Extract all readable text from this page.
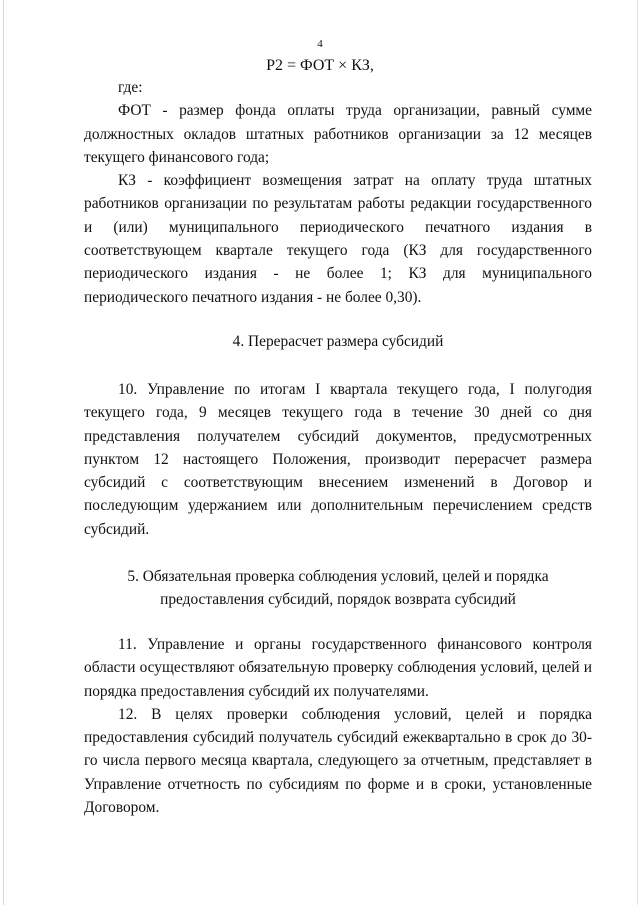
4
Р2 = ФОТ × КЗ,

где:

ФОТ - размер фонда оплаты труда организации, равный сумме должностных окладов штатных работников организации за 12 месяцев текущего финансового года;

КЗ - коэффициент возмещения затрат на оплату труда штатных работников организации по результатам работы редакции государственного и (или) муниципального периодического печатного издания в соответствующем квартале текущего года (КЗ для государственного периодического издания - не более 1; КЗ для муниципального периодического печатного издания - не более 0,30).

4. Перерасчет размера субсидий

10. Управление по итогам I квартала текущего года, I полугодия текущего года, 9 месяцев текущего года в течение 30 дней со дня представления получателем субсидий документов, предусмотренных пунктом 12 настоящего Положения, производит перерасчет размера субсидий с соответствующим внесением изменений в Договор и последующим удержанием или дополнительным перечислением средств субсидий.

5. Обязательная проверка соблюдения условий, целей и порядка
предоставления субсидий, порядок возврата субсидий

11. Управление и органы государственного финансового контроля области осуществляют обязательную проверку соблюдения условий, целей и порядка предоставления субсидий их получателями.

12. В целях проверки соблюдения условий, целей и порядка предоставления субсидий получатель субсидий ежеквартально в срок до 30-го числа первого месяца квартала, следующего за отчетным, представляет в Управление отчетность по субсидиям по форме и в сроки, установленные Договором.
